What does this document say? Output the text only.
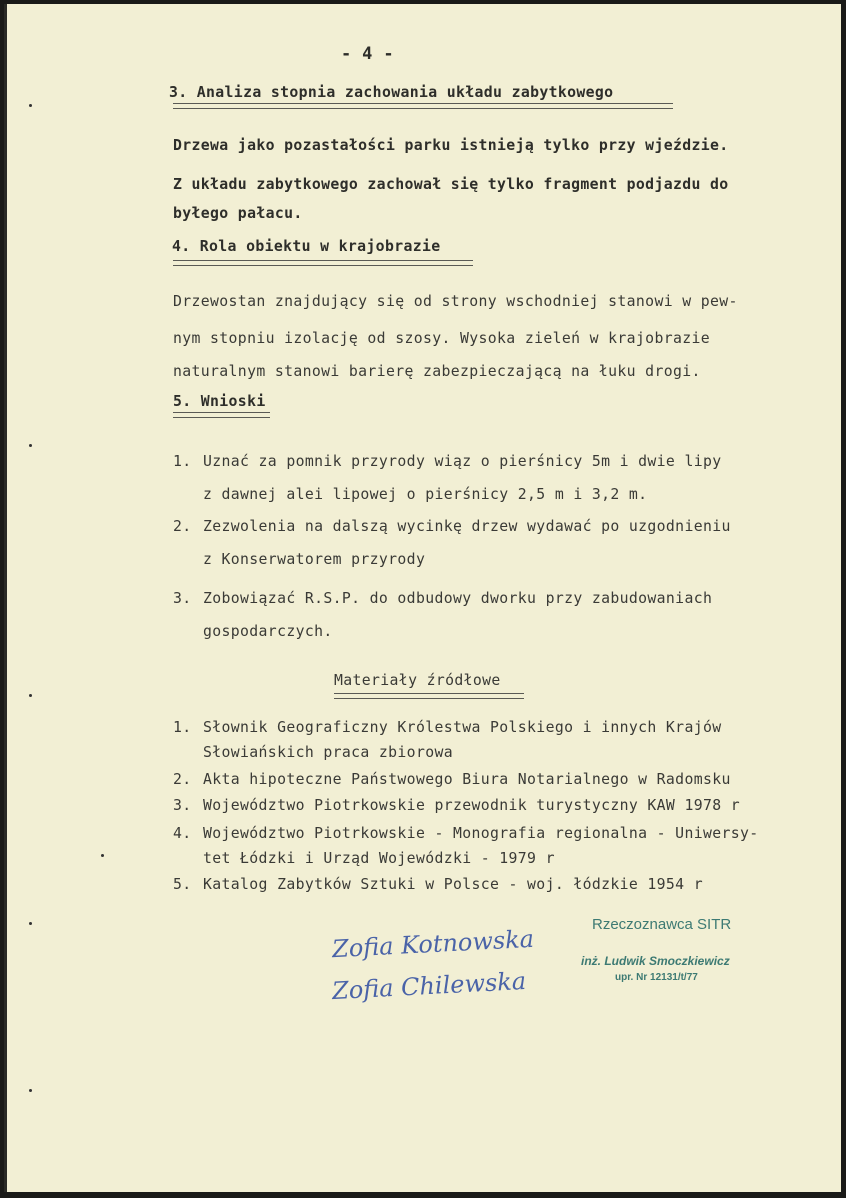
- 4 -

3. Analiza stopnia zachowania układu zabytkowego

Drzewa jako pozastałości parku istnieją tylko przy wjeździe.

Z układu zabytkowego zachował się tylko fragment podjazdu do

byłego pałacu.

4. Rola obiektu w krajobrazie

Drzewostan znajdujący się od strony wschodniej stanowi w pew-

nym stopniu izolację od szosy. Wysoka zieleń w krajobrazie

naturalnym stanowi barierę zabezpieczającą na łuku drogi.

5. Wnioski

1. Uznać za pomnik przyrody wiąz o pierśnicy 5m i dwie lipy

z dawnej alei lipowej o pierśnicy 2,5 m i 3,2 m.

2. Zezwolenia na dalszą wycinkę drzew wydawać po uzgodnieniu

z Konserwatorem przyrody

3. Zobowiązać R.S.P. do odbudowy dworku przy zabudowaniach

gospodarczych.

Materiały źródłowe

1. Słownik Geograficzny Królestwa Polskiego i innych Krajów

Słowiańskich praca zbiorowa

2. Akta hipoteczne Państwowego Biura Notarialnego w Radomsku

3. Województwo Piotrkowskie przewodnik turystyczny KAW 1978 r

4. Województwo Piotrkowskie - Monografia regionalna - Uniwersy-

tet Łódzki i Urząd Wojewódzki - 1979 r

5. Katalog Zabytków Sztuki w Polsce - woj. łódzkie 1954 r

Zofia Kotnowska

Zofia Chilewska

Rzeczoznawca SITR

inż. Ludwik Smoczkiewicz

upr. Nr 12131/t/77
